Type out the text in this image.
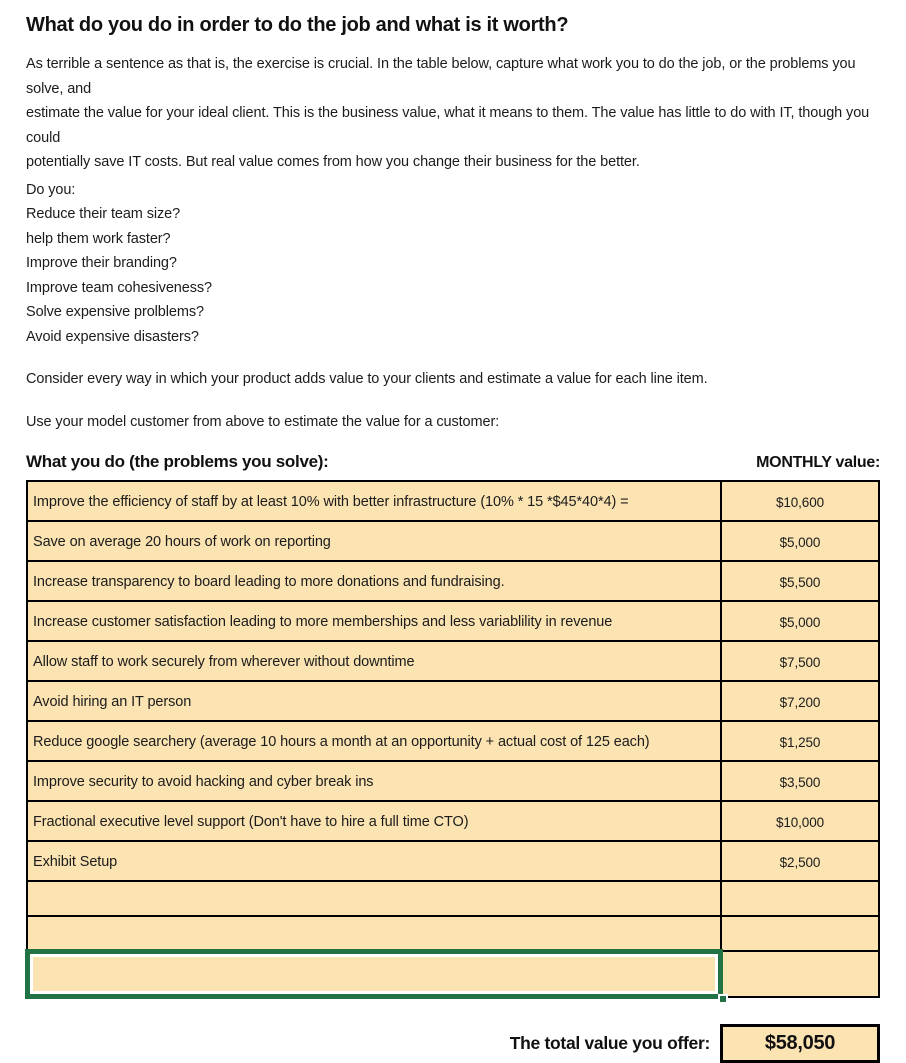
What do you do in order to do the job and what is it worth?
As terrible a sentence as that is, the exercise is crucial. In the table below, capture what work you to do the job, or the problems you solve, and
estimate the value for your ideal client. This is the business value, what it means to them. The value has little to do with IT, though you could
potentially save IT costs. But real value comes from how you change their business for the better.
Do you:
Reduce their team size?
help them work faster?
Improve their branding?
Improve team cohesiveness?
Solve expensive prolblems?
Avoid expensive disasters?
Consider every way in which your product adds value to your clients and estimate a value for each line item.
Use your model customer from above to estimate the value for a customer:
What you do (the problems you solve):	MONTHLY value:
Improve the efficiency of staff by at least 10% with better infrastructure (10% * 15 *$45*40*4) =	$10,600
Save on average 20 hours of work on reporting	$5,000
Increase transparency to board leading to more donations and fundraising.	$5,500
Increase customer satisfaction leading to more memberships and less variablility in revenue	$5,000
Allow staff to work securely from wherever without downtime	$7,500
Avoid hiring an IT person	$7,200
Reduce google searchery (average 10 hours a month at an opportunity + actual cost of 125 each)	$1,250
Improve security to avoid hacking and cyber break ins	$3,500
Fractional executive level support (Don't have to hire a full time CTO)	$10,000
Exhibit Setup	$2,500
The total value you offer:	$58,050
